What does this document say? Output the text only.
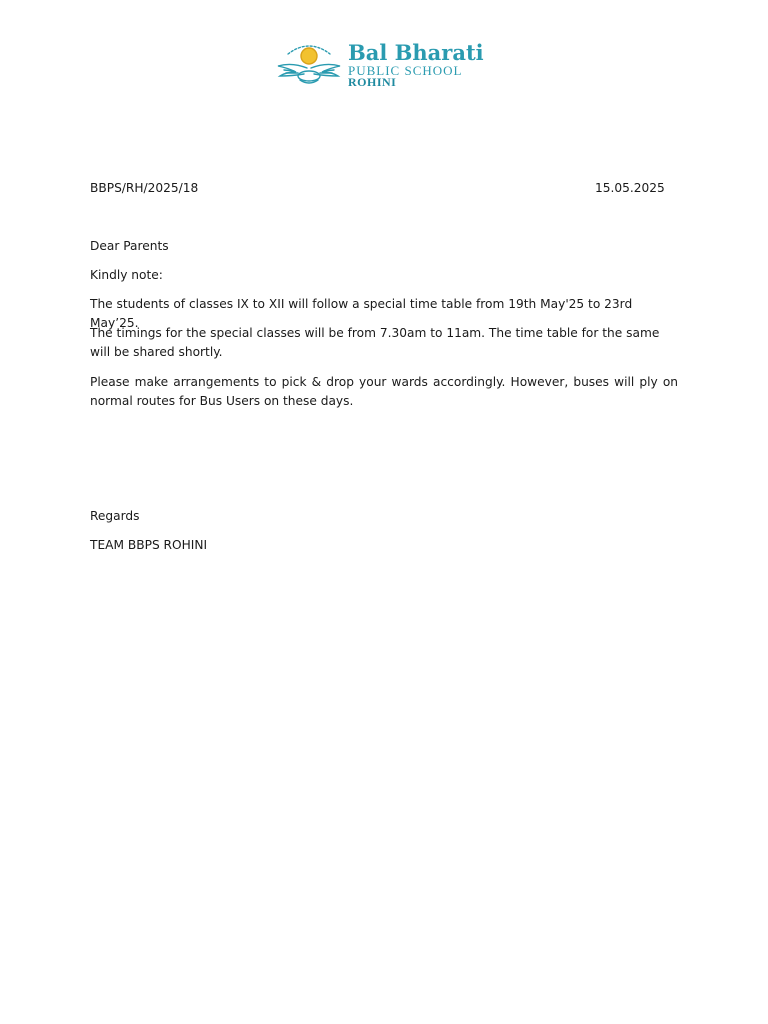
Bal Bharati
PUBLIC SCHOOL
ROHINI
BBPS/RH/2025/18	15.05.2025
Dear Parents
Kindly note:
The students of classes IX to XII will follow a special time table from 19th May'25 to 23rd May’25.
The timings for the special classes will be from 7.30am to 11am. The time table for the same will be shared shortly.
Please make arrangements to pick & drop your wards accordingly. However, buses will ply on normal routes for Bus Users on these days.
Regards
TEAM BBPS ROHINI
